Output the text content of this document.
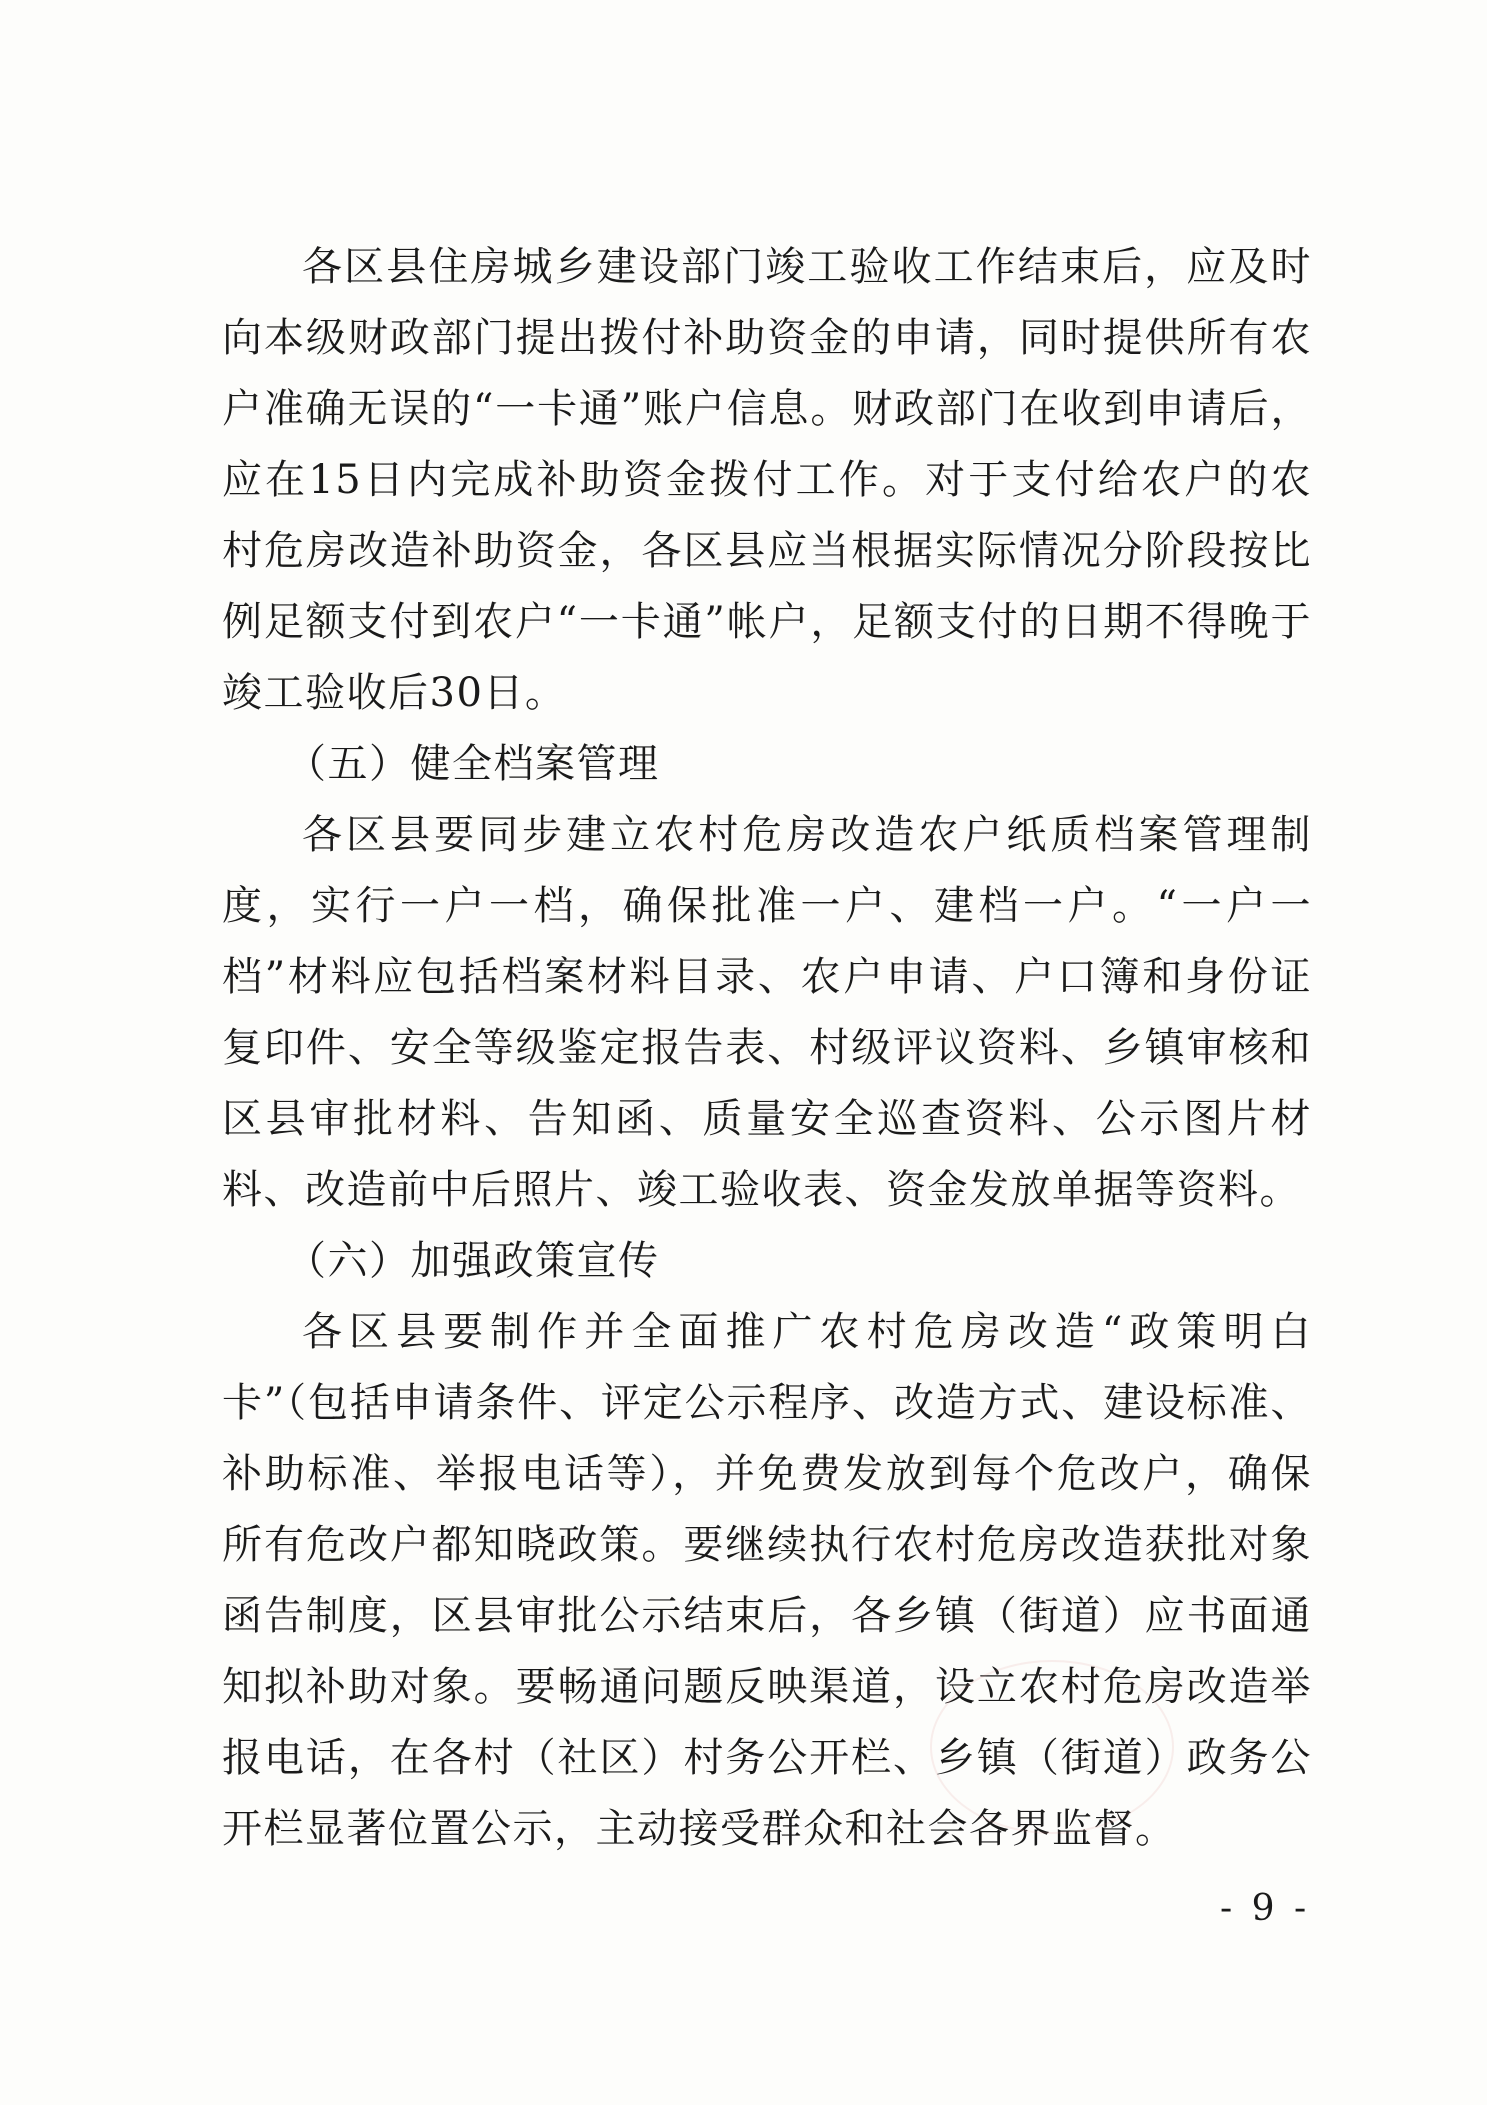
各区县住房城乡建设部门竣工验收工作结束后，应及时向本级财政部门提出拨付补助资金的申请，同时提供所有农户准确无误的“一卡通”账户信息。财政部门在收到申请后，应在15日内完成补助资金拨付工作。对于支付给农户的农村危房改造补助资金，各区县应当根据实际情况分阶段按比例足额支付到农户“一卡通”帐户，足额支付的日期不得晚于竣工验收后30日。

（五）健全档案管理

各区县要同步建立农村危房改造农户纸质档案管理制度，实行一户一档，确保批准一户、建档一户。“一户一档”材料应包括档案材料目录、农户申请、户口簿和身份证复印件、安全等级鉴定报告表、村级评议资料、乡镇审核和区县审批材料、告知函、质量安全巡查资料、公示图片材料、改造前中后照片、竣工验收表、资金发放单据等资料。

（六）加强政策宣传

各区县要制作并全面推广农村危房改造“政策明白卡”（包括申请条件、评定公示程序、改造方式、建设标准、补助标准、举报电话等），并免费发放到每个危改户，确保所有危改户都知晓政策。要继续执行农村危房改造获批对象函告制度，区县审批公示结束后，各乡镇（街道）应书面通知拟补助对象。要畅通问题反映渠道，设立农村危房改造举报电话，在各村（社区）村务公开栏、乡镇（街道）政务公开栏显著位置公示，主动接受群众和社会各界监督。

- 9 -
